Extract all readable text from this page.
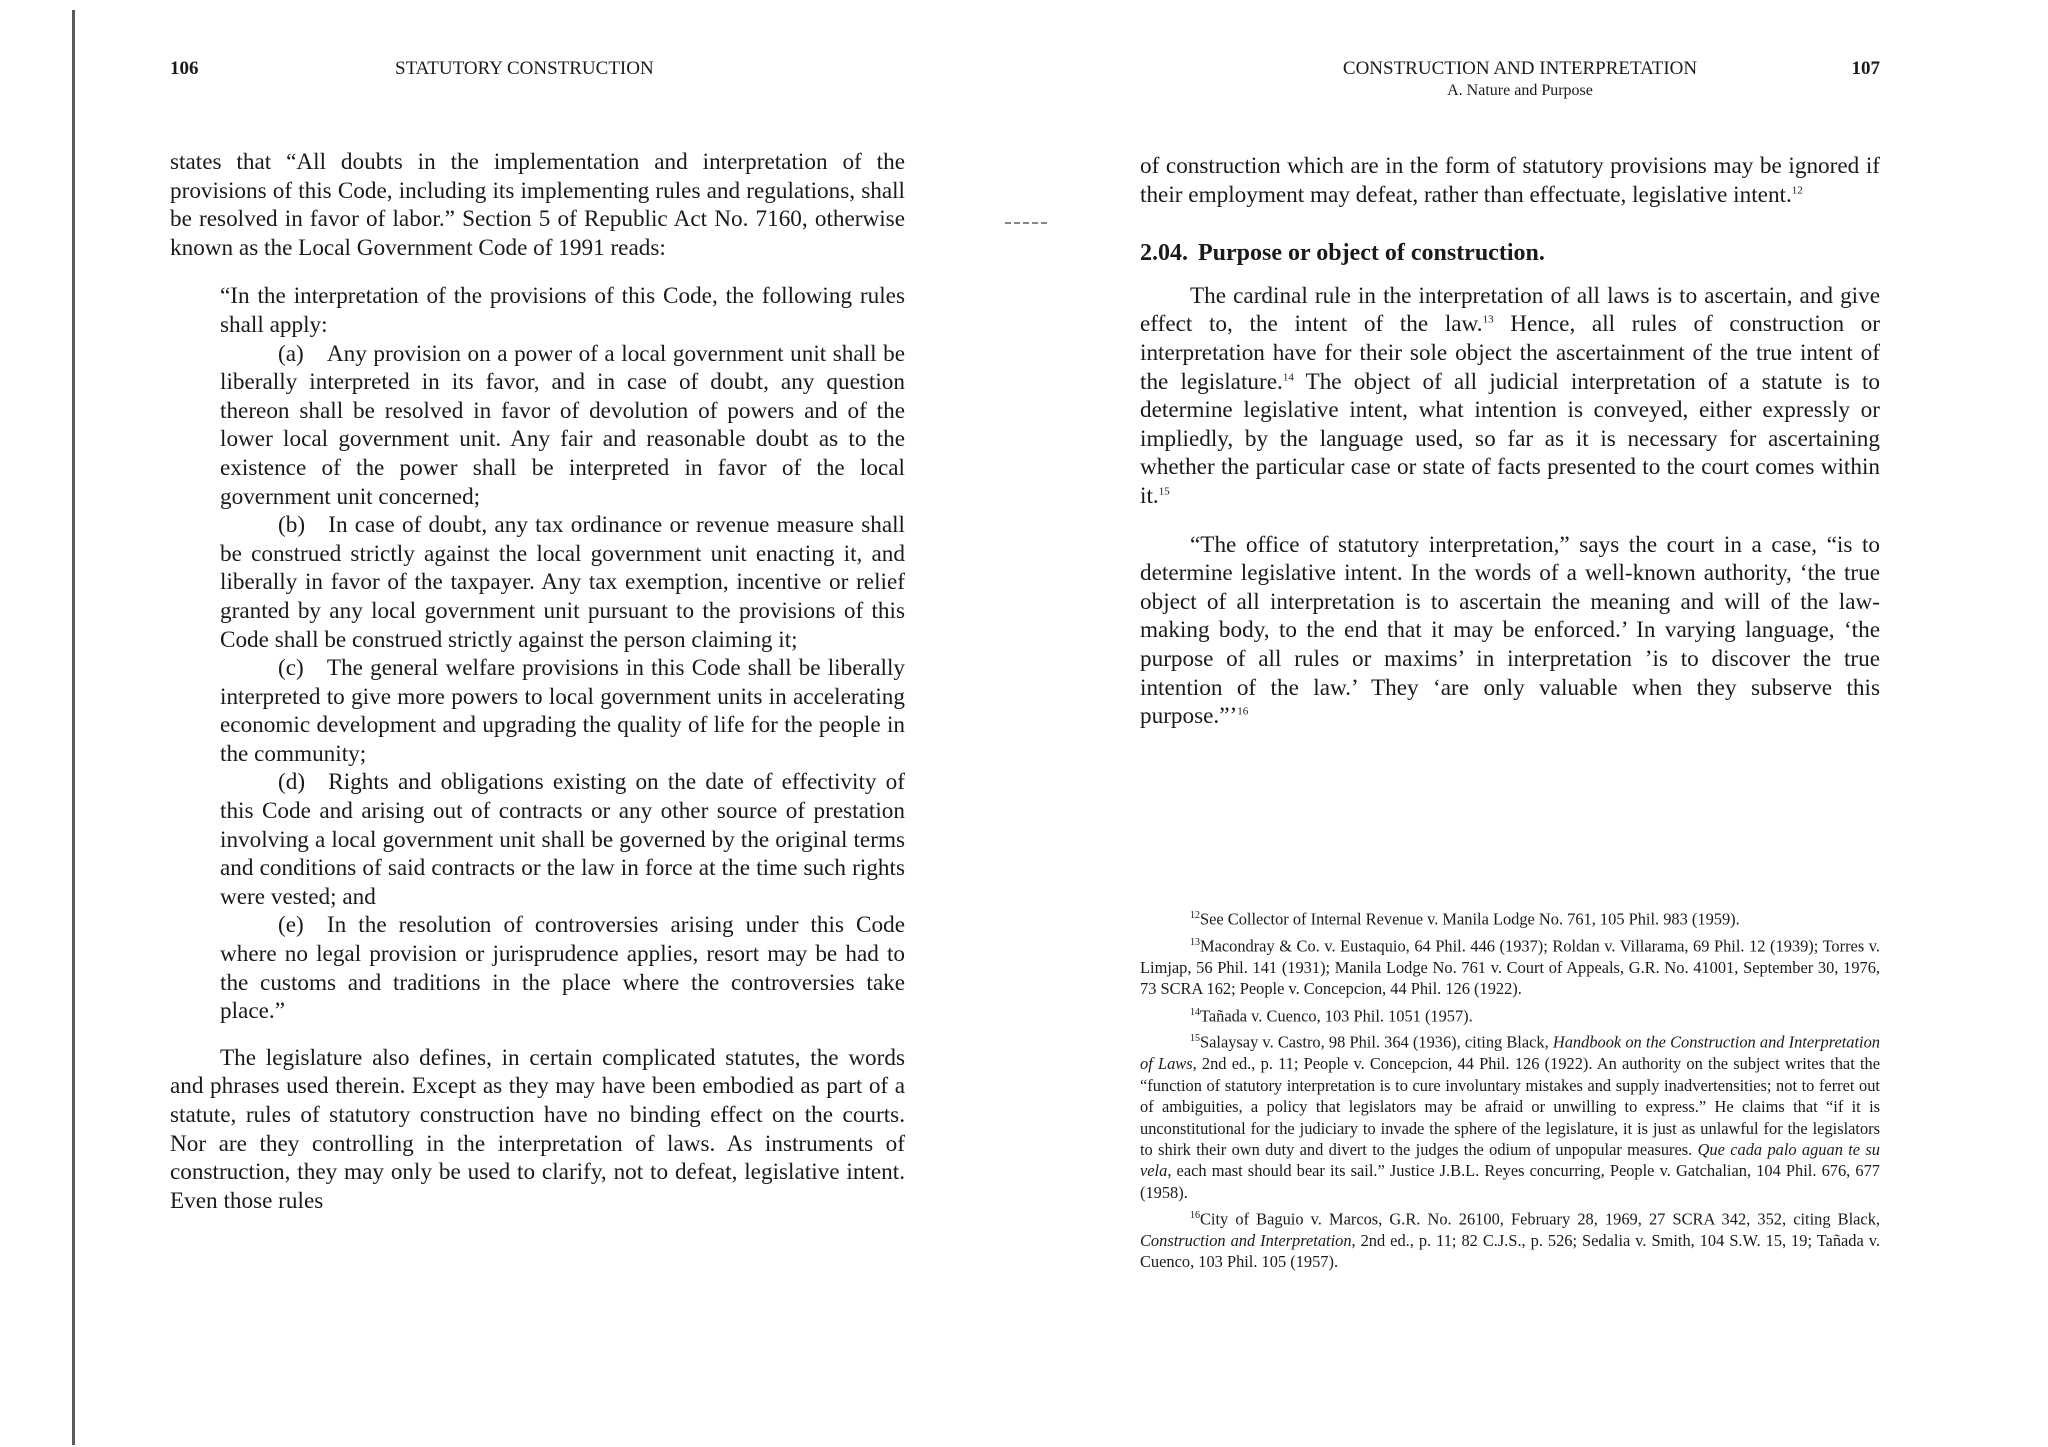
106	STATUTORY CONSTRUCTION

states that “All doubts in the implementation and interpretation of the provisions of this Code, including its implementing rules and regulations, shall be resolved in favor of labor.” Section 5 of Republic Act No. 7160, otherwise known as the Local Government Code of 1991 reads:

“In the interpretation of the provisions of this Code, the following rules shall apply:

(a) Any provision on a power of a local government unit shall be liberally interpreted in its favor, and in case of doubt, any question thereon shall be resolved in favor of devolution of powers and of the lower local government unit. Any fair and reasonable doubt as to the existence of the power shall be interpreted in favor of the local government unit concerned;

(b) In case of doubt, any tax ordinance or revenue measure shall be construed strictly against the local government unit enacting it, and liberally in favor of the taxpayer. Any tax exemption, incentive or relief granted by any local government unit pursuant to the provisions of this Code shall be construed strictly against the person claiming it;

(c) The general welfare provisions in this Code shall be liberally interpreted to give more powers to local government units in accelerating economic development and upgrading the quality of life for the people in the community;

(d) Rights and obligations existing on the date of effectivity of this Code and arising out of contracts or any other source of prestation involving a local government unit shall be governed by the original terms and conditions of said contracts or the law in force at the time such rights were vested; and

(e) In the resolution of controversies arising under this Code where no legal provision or jurisprudence applies, resort may be had to the customs and traditions in the place where the controversies take place.”

The legislature also defines, in certain complicated statutes, the words and phrases used therein. Except as they may have been embodied as part of a statute, rules of statutory construction have no binding effect on the courts. Nor are they controlling in the interpretation of laws. As instruments of construction, they may only be used to clarify, not to defeat, legislative intent. Even those rules

CONSTRUCTION AND INTERPRETATION
A. Nature and Purpose
107

of construction which are in the form of statutory provisions may be ignored if their employment may defeat, rather than effectuate, legislative intent.$^{12}$

2.04. Purpose or object of construction.

The cardinal rule in the interpretation of all laws is to ascertain, and give effect to, the intent of the law.$^{13}$ Hence, all rules of construction or interpretation have for their sole object the ascertainment of the true intent of the legislature.$^{14}$ The object of all judicial interpretation of a statute is to determine legislative intent, what intention is conveyed, either expressly or impliedly, by the language used, so far as it is necessary for ascertaining whether the particular case or state of facts presented to the court comes within it.$^{15}$

“The office of statutory interpretation,” says the court in a case, “is to determine legislative intent. In the words of a well-known authority, ‘the true object of all interpretation is to ascertain the meaning and will of the law-making body, to the end that it may be enforced.’ In varying language, ‘the purpose of all rules or maxims’ in interpretation ’is to discover the true intention of the law.’ They ‘are only valuable when they subserve this purpose.”’$^{16}$

$^{12}$See Collector of Internal Revenue v. Manila Lodge No. 761, 105 Phil. 983 (1959).

$^{13}$Macondray & Co. v. Eustaquio, 64 Phil. 446 (1937); Roldan v. Villarama, 69 Phil. 12 (1939); Torres v. Limjap, 56 Phil. 141 (1931); Manila Lodge No. 761 v. Court of Appeals, G.R. No. 41001, September 30, 1976, 73 SCRA 162; People v. Concepcion, 44 Phil. 126 (1922).

$^{14}$Tañada v. Cuenco, 103 Phil. 1051 (1957).

$^{15}$Salaysay v. Castro, 98 Phil. 364 (1936), citing Black, Handbook on the Construction and Interpretation of Laws, 2nd ed., p. 11; People v. Concepcion, 44 Phil. 126 (1922). An authority on the subject writes that the “function of statutory interpretation is to cure involuntary mistakes and supply inadvertensities; not to ferret out of ambiguities, a policy that legislators may be afraid or unwilling to express.” He claims that “if it is unconstitutional for the judiciary to invade the sphere of the legislature, it is just as unlawful for the legislators to shirk their own duty and divert to the judges the odium of unpopular measures. Que cada palo aguan te su vela, each mast should bear its sail.” Justice J.B.L. Reyes concurring, People v. Gatchalian, 104 Phil. 676, 677 (1958).

$^{16}$City of Baguio v. Marcos, G.R. No. 26100, February 28, 1969, 27 SCRA 342, 352, citing Black, Construction and Interpretation, 2nd ed., p. 11; 82 C.J.S., p. 526; Sedalia v. Smith, 104 S.W. 15, 19; Tañada v. Cuenco, 103 Phil. 105 (1957).
